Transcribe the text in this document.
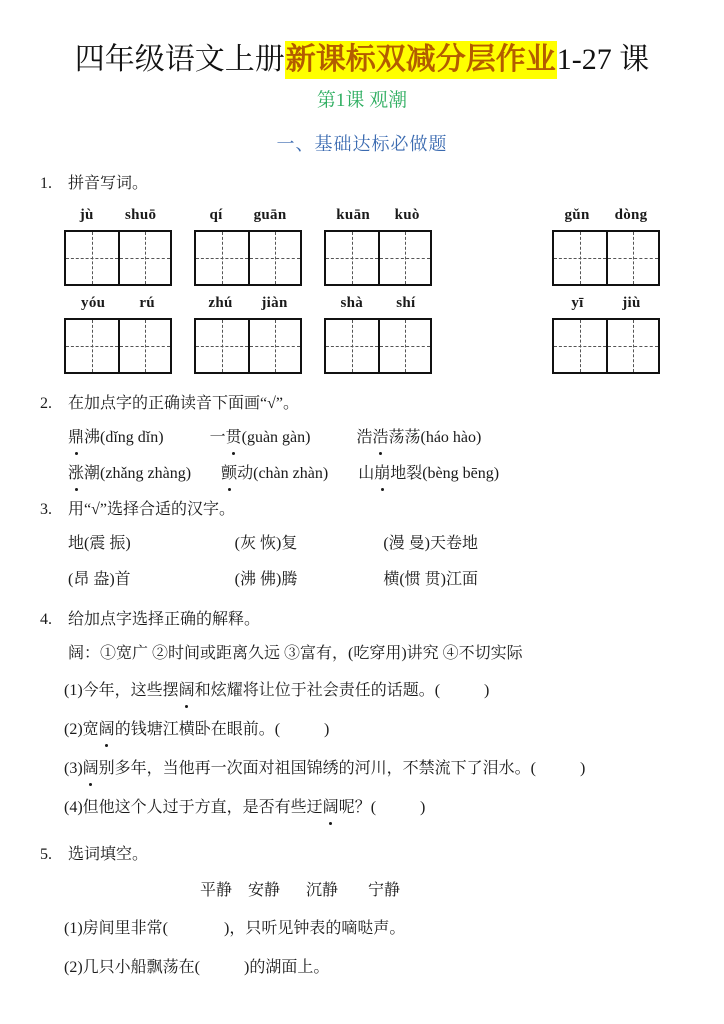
四年级语文上册新课标双减分层作业1-27 课
第1课 观潮
一、基础达标必做题
1.	拼音写词。
jù shuō	qí guān	kuān kuò	gǔn dòng
yóu rú	zhú jiàn	shà shí	yī	jiù
2.	在加点字的正确读音下面画“√”。
鼎沸(dǐng dǐn)	一贯(guàn gàn)	浩浩荡荡(háo hào)
涨潮(zhǎng zhàng) 颤动(chàn zhàn) 山崩地裂(bèng bēng)
3.	用“√”选择合适的汉字。
地(震 振)	(灰 恢)复	(漫 曼)天卷地
(昂 盎)首	(沸 佛)腾	横(惯 贯)江面
4.	给加点字选择正确的解释。
阔：①宽广 ②时间或距离久远 ③富有，(吃穿用)讲究 ④不切实际
(1)今年，这些摆阔和炫耀将让位于社会责任的话题。(	)
(2)宽阔的钱塘江横卧在眼前。(	)
(3)阔别多年，当他再一次面对祖国锦绣的河川，不禁流下了泪水。(	)
(4)但他这个人过于方直，是否有些迂阔呢？(	)
5.	选词填空。
平静 安静 沉静 宁静
(1)房间里非常(	)，只听见钟表的嘀哒声。
(2)几只小船飘荡在(	)的湖面上。
